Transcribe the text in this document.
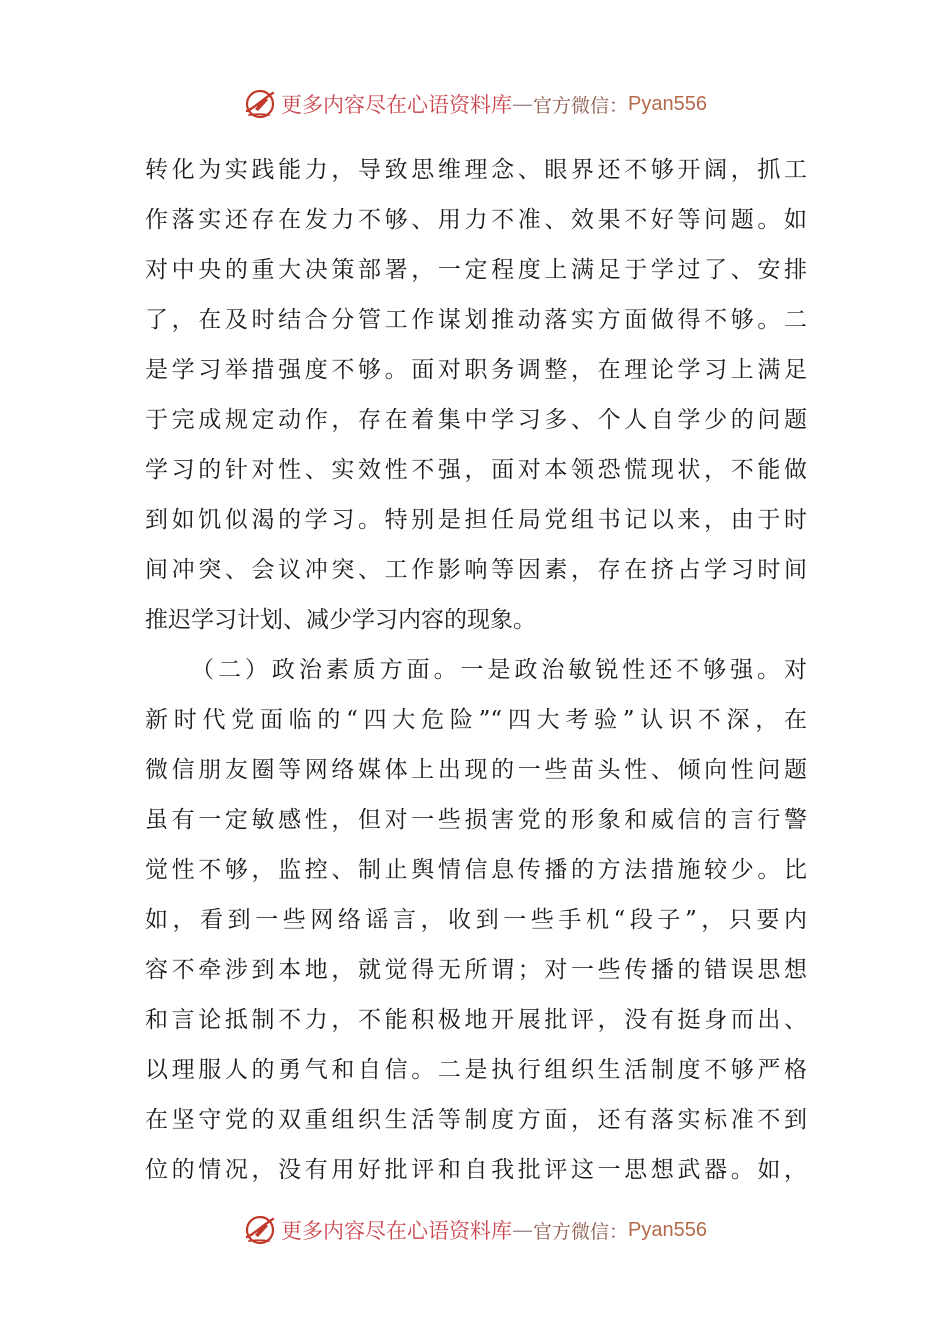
更多内容尽在心语资料库 — 官方微信： Pyan556
转化为实践能力，导致思维理念、眼界还不够开阔，抓工
作落实还存在发力不够、用力不准、效果不好等问题。如
对中央的重大决策部署，一定程度上满足于学过了、安排
了，在及时结合分管工作谋划推动落实方面做得不够。二
是学习举措强度不够。面对职务调整，在理论学习上满足
于完成规定动作，存在着集中学习多、个人自学少的问题
学习的针对性、实效性不强，面对本领恐慌现状，不能做
到如饥似渴的学习。特别是担任局党组书记以来，由于时
间冲突、会议冲突、工作影响等因素，存在挤占学习时间
推迟学习计划、减少学习内容的现象。
（二）政治素质方面。一是政治敏锐性还不够强。对
新时代党面临的“四大危险”“四大考验”认识不深，在
微信朋友圈等网络媒体上出现的一些苗头性、倾向性问题
虽有一定敏感性，但对一些损害党的形象和威信的言行警
觉性不够，监控、制止舆情信息传播的方法措施较少。比
如，看到一些网络谣言，收到一些手机“段子”，只要内
容不牵涉到本地，就觉得无所谓；对一些传播的错误思想
和言论抵制不力，不能积极地开展批评，没有挺身而出、
以理服人的勇气和自信。二是执行组织生活制度不够严格
在坚守党的双重组织生活等制度方面，还有落实标准不到
位的情况，没有用好批评和自我批评这一思想武器。如，
更多内容尽在心语资料库 — 官方微信： Pyan556
